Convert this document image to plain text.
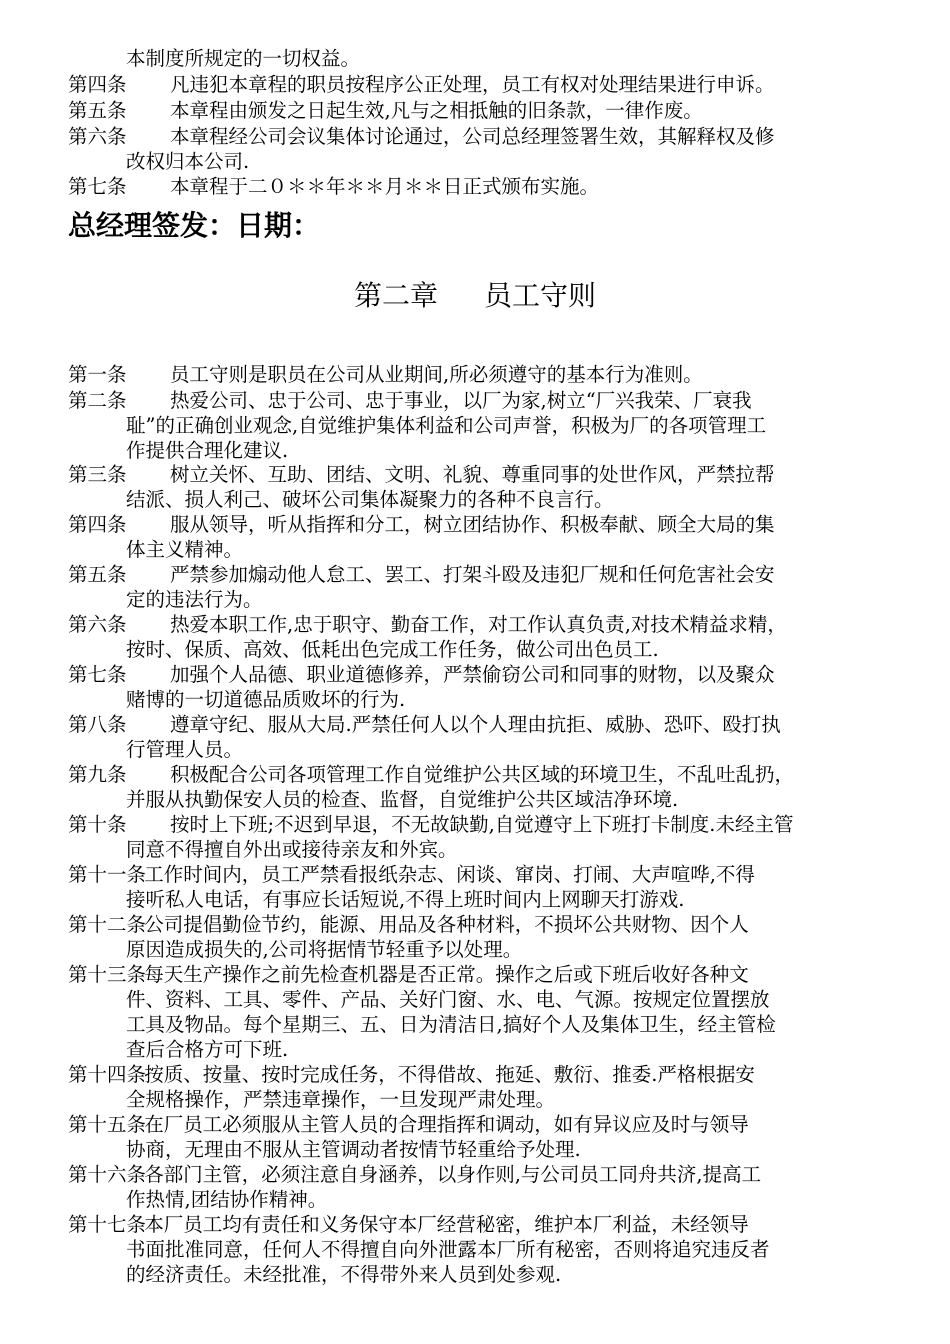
本制度所规定的一切权益。
第四条 凡违犯本章程的职员按程序公正处理，员工有权对处理结果进行申诉。
第五条 本章程由颁发之日起生效,凡与之相抵触的旧条款，一律作废。
第六条 本章程经公司会议集体讨论通过，公司总经理签署生效，其解释权及修
改权归本公司.
第七条 本章程于二０＊＊年＊＊月＊＊日正式颁布实施。
总经理签发：日期：
第二章 员工守则
第一条 员工守则是职员在公司从业期间,所必须遵守的基本行为准则。
第二条 热爱公司、忠于公司、忠于事业，以厂为家,树立“厂兴我荣、厂衰我
耻”的正确创业观念,自觉维护集体利益和公司声誉，积极为厂的各项管理工
作提供合理化建议.
第三条 树立关怀、互助、团结、文明、礼貌、尊重同事的处世作风，严禁拉帮
结派、损人利己、破坏公司集体凝聚力的各种不良言行。
第四条 服从领导，听从指挥和分工，树立团结协作、积极奉献、顾全大局的集
体主义精神。
第五条 严禁参加煽动他人怠工、罢工、打架斗殴及违犯厂规和任何危害社会安
定的违法行为。
第六条 热爱本职工作,忠于职守、勤奋工作，对工作认真负责,对技术精益求精，
按时、保质、高效、低耗出色完成工作任务，做公司出色员工.
第七条 加强个人品德、职业道德修养，严禁偷窃公司和同事的财物，以及聚众
赌博的一切道德品质败坏的行为.
第八条 遵章守纪、服从大局.严禁任何人以个人理由抗拒、威胁、恐吓、殴打执
行管理人员。
第九条 积极配合公司各项管理工作自觉维护公共区域的环境卫生，不乱吐乱扔，
并服从执勤保安人员的检查、监督，自觉维护公共区域洁净环境.
第十条 按时上下班;不迟到早退，不无故缺勤,自觉遵守上下班打卡制度.未经主管
同意不得擅自外出或接待亲友和外宾。
第十一条 工作时间内，员工严禁看报纸杂志、闲谈、窜岗、打闹、大声喧哗,不得
接听私人电话，有事应长话短说,不得上班时间内上网聊天打游戏.
第十二条 公司提倡勤俭节约，能源、用品及各种材料，不损坏公共财物、因个人
原因造成损失的,公司将据情节轻重予以处理。
第十三条 每天生产操作之前先检查机器是否正常。操作之后或下班后收好各种文
件、资料、工具、零件、产品、关好门窗、水、电、气源。按规定位置摆放
工具及物品。每个星期三、五、日为清洁日,搞好个人及集体卫生，经主管检
查后合格方可下班.
第十四条 按质、按量、按时完成任务，不得借故、拖延、敷衍、推委.严格根据安
全规格操作，严禁违章操作，一旦发现严肃处理。
第十五条 在厂员工必须服从主管人员的合理指挥和调动，如有异议应及时与领导
协商，无理由不服从主管调动者按情节轻重给予处理.
第十六条 各部门主管，必须注意自身涵养，以身作则,与公司员工同舟共济,提高工
作热情,团结协作精神。
第十七条 本厂员工均有责任和义务保守本厂经营秘密，维护本厂利益，未经领导
书面批准同意，任何人不得擅自向外泄露本厂所有秘密，否则将追究违反者
的经济责任。未经批准，不得带外来人员到处参观.
